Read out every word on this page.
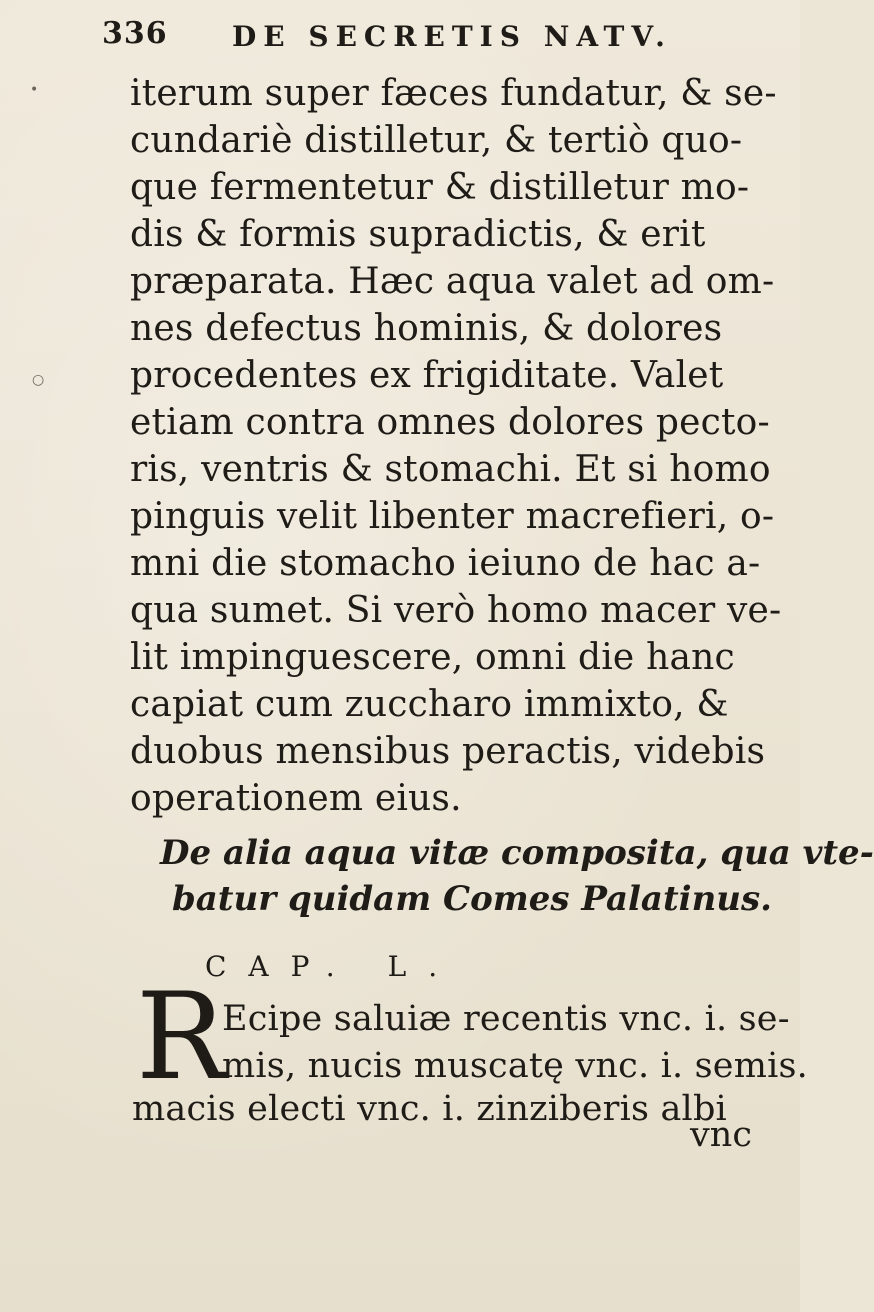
336 DE SECRETIS NATV.
•
○
iterum super fæces fundatur, & se-
cundariè distilletur, & tertiò quo-
que fermentetur & distilletur mo-
dis & formis supradictis, & erit
præparata. Hæc aqua valet ad om-
nes defectus hominis, & dolores
procedentes ex frigiditate. Valet
etiam contra omnes dolores pecto-
ris, ventris & stomachi. Et si homo
pinguis velit libenter macrefieri, o-
mni die stomacho ieiuno de hac a-
qua sumet. Si verò homo macer ve-
lit impinguescere, omni die hanc
capiat cum zuccharo immixto, &
duobus mensibus peractis, videbis
operationem eius.
De alia aqua vitæ composita, qua vte-
batur quidam Comes Palatinus.
CAP. L.
R
Ecipe saluiæ recentis vnc. i. se-
mis, nucis muscatę vnc. i. semis.
macis electi vnc. i. zinziberis albi
vnc
